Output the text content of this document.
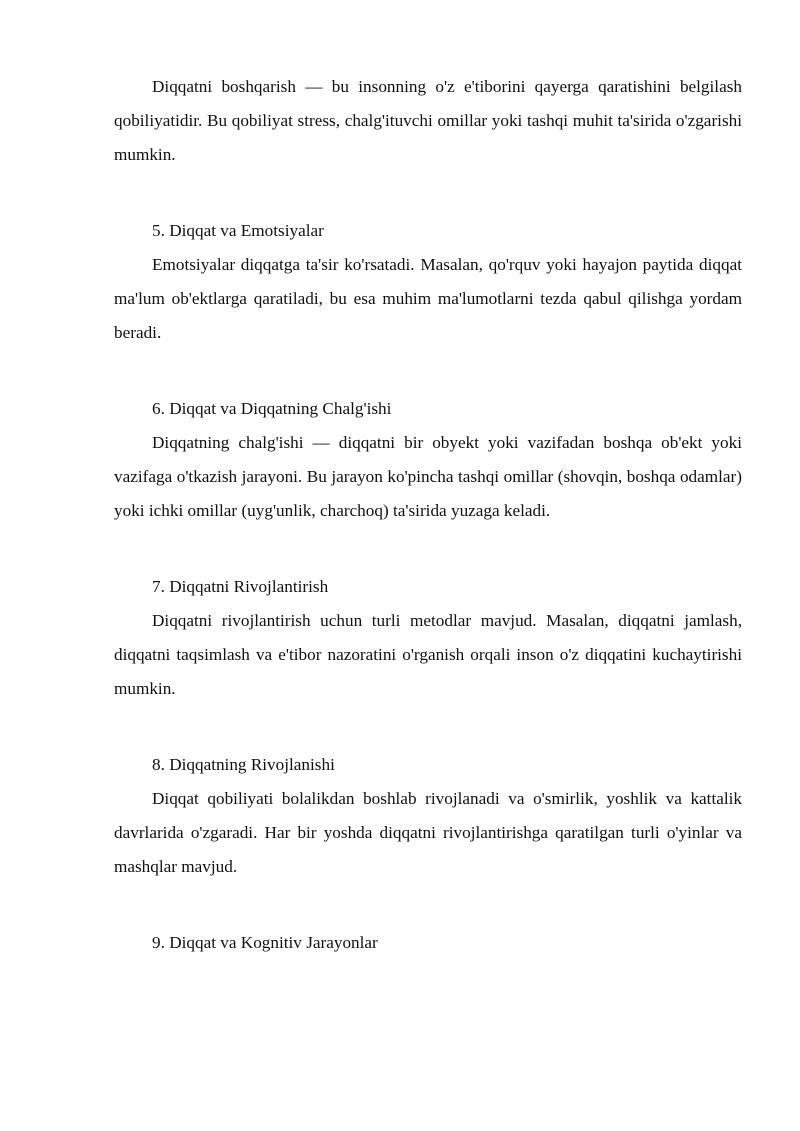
Diqqatni boshqarish — bu insonning o'z e'tiborini qayerga qaratishini belgilash qobiliyatidir. Bu qobiliyat stress, chalg'ituvchi omillar yoki tashqi muhit ta'sirida o'zgarishi mumkin.

5. Diqqat va Emotsiyalar

Emotsiyalar diqqatga ta'sir ko'rsatadi. Masalan, qo'rquv yoki hayajon paytida diqqat ma'lum ob'ektlarga qaratiladi, bu esa muhim ma'lumotlarni tezda qabul qilishga yordam beradi.

6. Diqqat va Diqqatning Chalg'ishi

Diqqatning chalg'ishi — diqqatni bir obyekt yoki vazifadan boshqa ob'ekt yoki vazifaga o'tkazish jarayoni. Bu jarayon ko'pincha tashqi omillar (shovqin, boshqa odamlar) yoki ichki omillar (uyg'unlik, charchoq) ta'sirida yuzaga keladi.

7. Diqqatni Rivojlantirish

Diqqatni rivojlantirish uchun turli metodlar mavjud. Masalan, diqqatni jamlash, diqqatni taqsimlash va e'tibor nazoratini o'rganish orqali inson o'z diqqatini kuchaytirishi mumkin.

8. Diqqatning Rivojlanishi

Diqqat qobiliyati bolalikdan boshlab rivojlanadi va o'smirlik, yoshlik va kattalik davrlarida o'zgaradi. Har bir yoshda diqqatni rivojlantirishga qaratilgan turli o'yinlar va mashqlar mavjud.

9. Diqqat va Kognitiv Jarayonlar
